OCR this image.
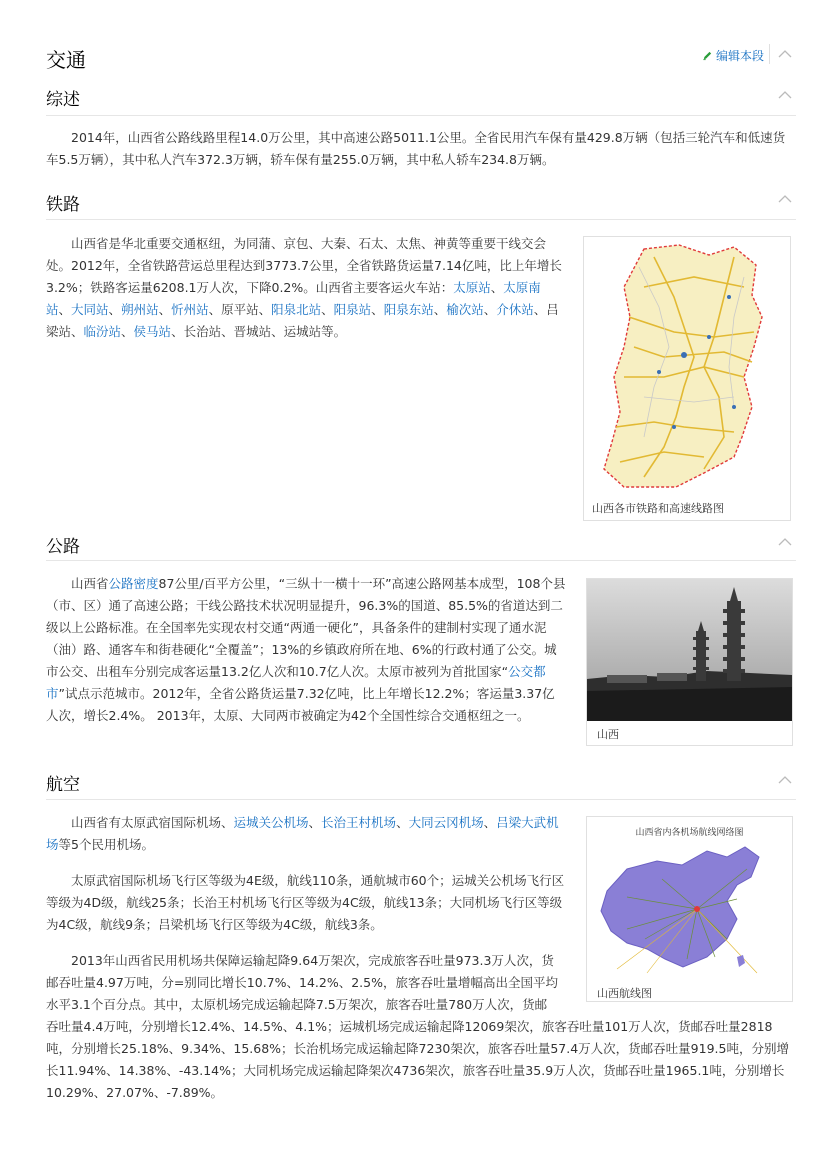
交通	编辑本段
综述

2014年，山西省公路线路里程14.0万公里，其中高速公路5011.1公里。全省民用汽车保有量429.8万辆（包括三轮汽车和低速货车5.5万辆），其中私人汽车372.3万辆，轿车保有量255.0万辆，其中私人轿车234.8万辆。

铁路

山西省是华北重要交通枢纽，为同蒲、京包、大秦、石太、太焦、神黄等重要干线交会处。2012年，全省铁路营运总里程达到3773.7公里，全省铁路货运量7.14亿吨，比上年增长3.2%；铁路客运量6208.1万人次，下降0.2%。山西省主要客运火车站：太原站、太原南站、大同站、朔州站、忻州站、原平站、阳泉北站、阳泉站、阳泉东站、榆次站、介休站、吕梁站、临汾站、侯马站、长治站、晋城站、运城站等。

山西各市铁路和高速线路图
公路

山西省公路密度87公里/百平方公里，“三纵十一横十一环”高速公路网基本成型，108个县（市、区）通了高速公路；干线公路技术状况明显提升，96.3%的国道、85.5%的省道达到二级以上公路标准。在全国率先实现农村交通“两通一硬化”，具备条件的建制村实现了通水泥（油）路、通客车和街巷硬化“全覆盖”；13%的乡镇政府所在地、6%的行政村通了公交。城市公交、出租车分别完成客运量13.2亿人次和10.7亿人次。太原市被列为首批国家“公交都市”试点示范城市。2012年，全省公路货运量7.32亿吨，比上年增长12.2%；客运量3.37亿人次，增长2.4%。 2013年，太原、大同两市被确定为42个全国性综合交通枢纽之一。

山西
航空

山西省有太原武宿国际机场、运城关公机场、长治王村机场、大同云冈机场、吕梁大武机场等5个民用机场。

太原武宿国际机场飞行区等级为4E级，航线110条，通航城市60个；运城关公机场飞行区等级为4D级，航线25条；长治王村机场飞行区等级为4C级，航线13条；大同机场飞行区等级为4C级，航线9条；吕梁机场飞行区等级为4C级，航线3条。

2013年山西省民用机场共保障运输起降9.64万架次，完成旅客吞吐量973.3万人次，货邮吞吐量4.97万吨，分=别同比增长10.7%、14.2%、2.5%，旅客吞吐量增幅高出全国平均水平3.1个百分点。其中，太原机场完成运输起降7.5万架次，旅客吞吐量780万人次，货邮

吞吐量4.4万吨，分别增长12.4%、14.5%、4.1%；运城机场完成运输起降12069架次，旅客吞吐量101万人次，货邮吞吐量2818吨，分别增长25.18%、9.34%、15.68%；长治机场完成运输起降7230架次，旅客吞吐量57.4万人次，货邮吞吐量919.5吨，分别增长11.94%、14.38%、-43.14%；大同机场完成运输起降架次4736架次，旅客吞吐量35.9万人次，货邮吞吐量1965.1吨，分别增长10.29%、27.07%、-7.89%。

山西省内各机场航线网络图
山西航线图
